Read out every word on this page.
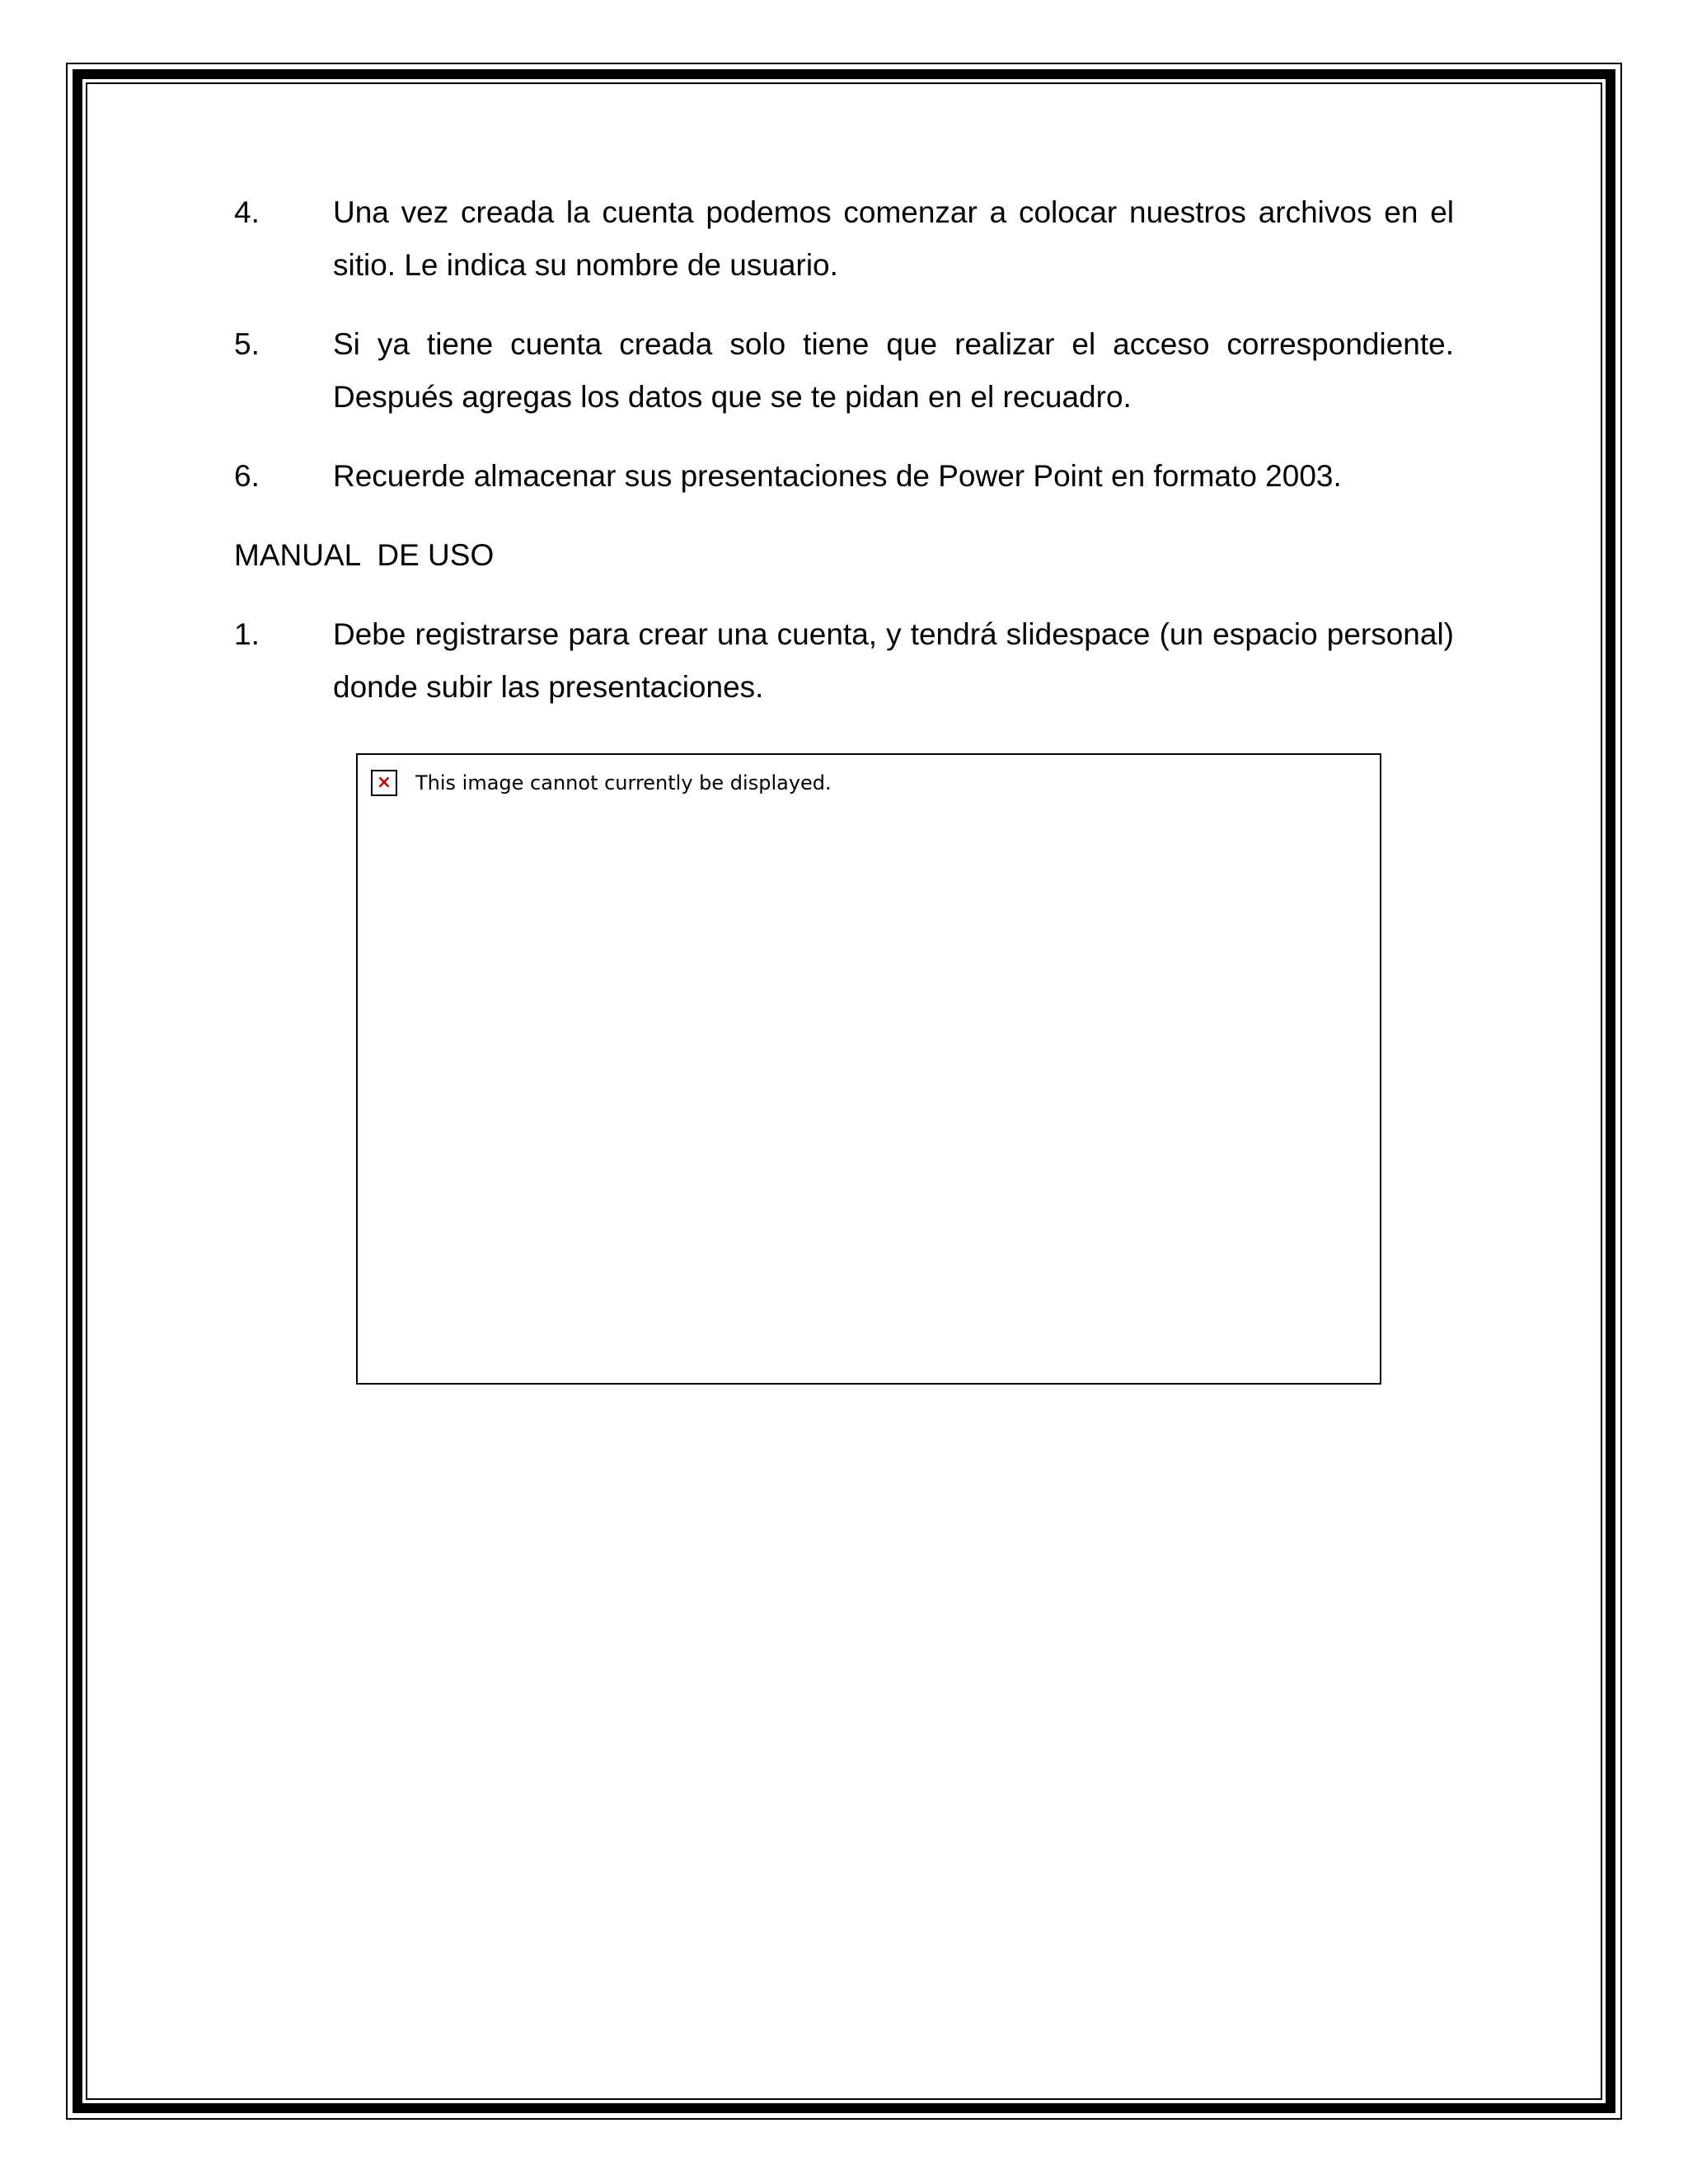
4.	Una vez creada la cuenta podemos comenzar a colocar nuestros archivos en el sitio. Le indica su nombre de usuario.
5.	Si ya tiene cuenta creada solo tiene que realizar el acceso correspondiente. Después agregas los datos que se te pidan en el recuadro.
6.	Recuerde almacenar sus presentaciones de Power Point en formato 2003.
MANUAL  DE USO
1.	Debe registrarse para crear una cuenta, y tendrá slidespace (un espacio personal) donde subir las presentaciones.
× This image cannot currently be displayed.
